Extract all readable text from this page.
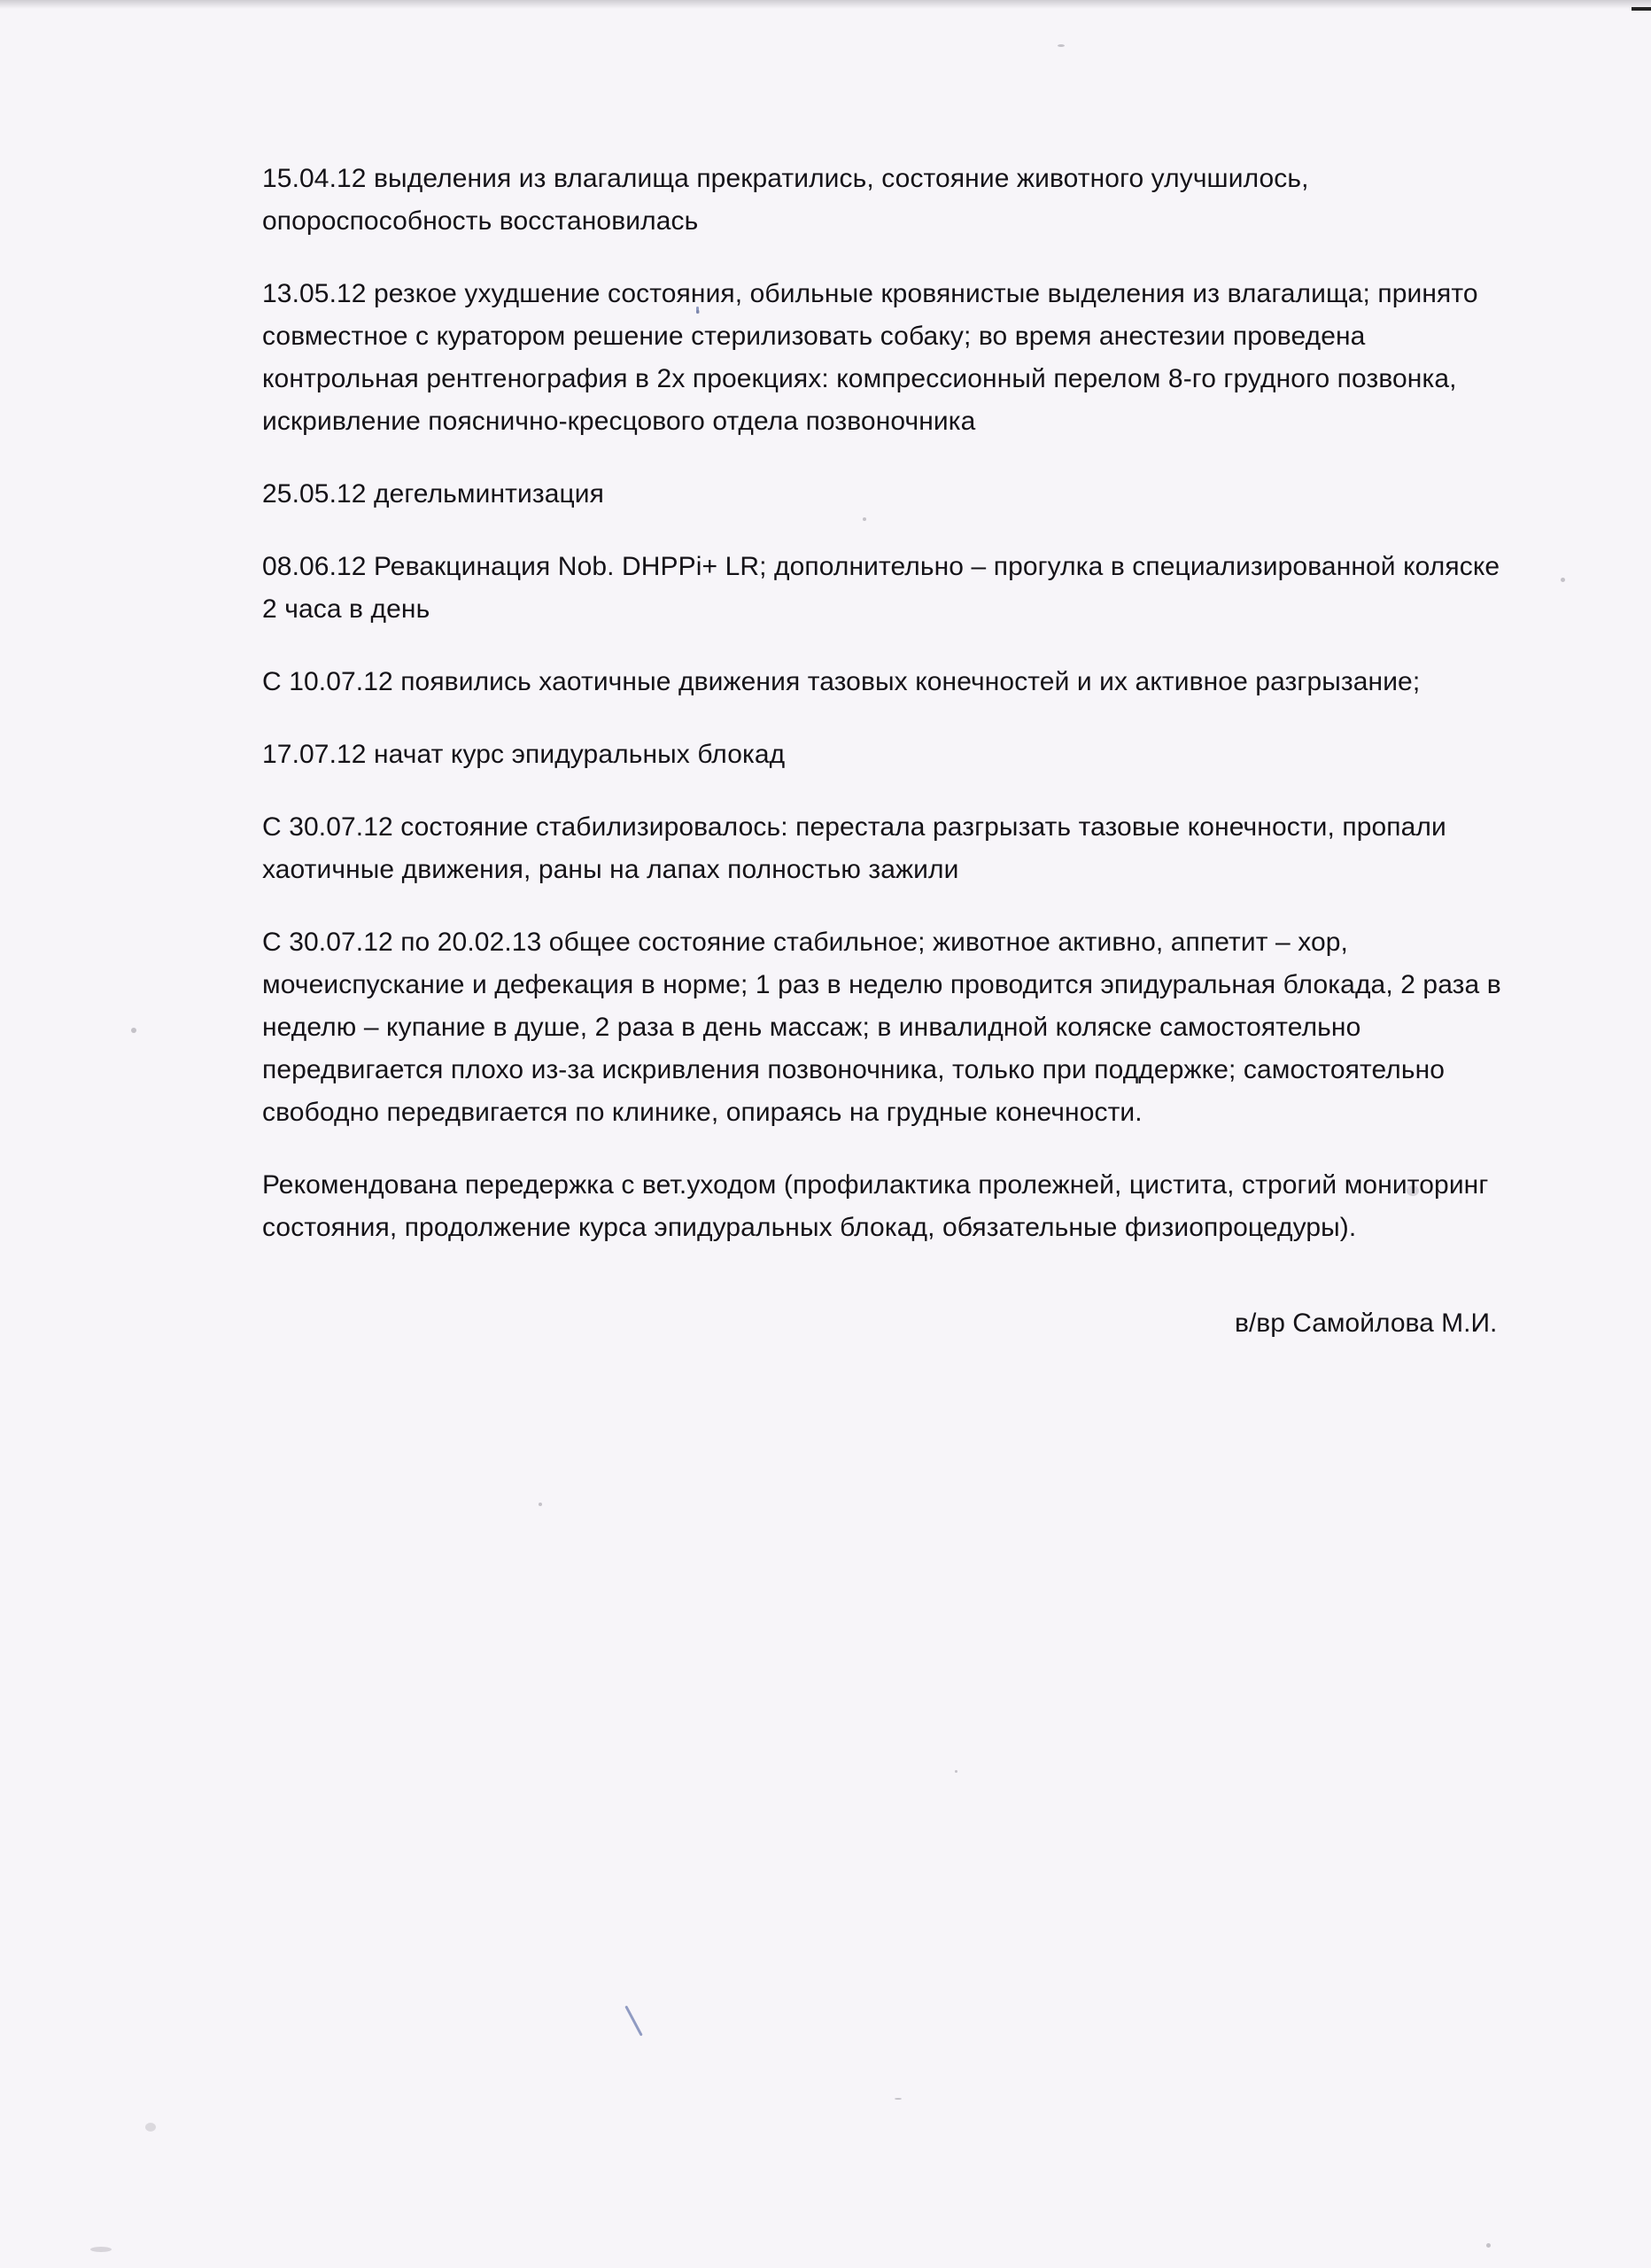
15.04.12 выделения из влагалища прекратились, состояние животного улучшилось,
опороспособность восстановилась

13.05.12 резкое ухудшение состояния, обильные кровянистые выделения из влагалища; принято
совместное с куратором решение стерилизовать собаку; во время анестезии проведена
контрольная рентгенография в 2х проекциях: компрессионный перелом 8-го грудного позвонка,
искривление пояснично-кресцового отдела позвоночника

25.05.12 дегельминтизация

08.06.12 Ревакцинация Nob. DHPPi+ LR; дополнительно – прогулка в специализированной коляске
2 часа в день

С 10.07.12 появились хаотичные движения тазовых конечностей и их активное разгрызание;

17.07.12 начат курс эпидуральных блокад

С 30.07.12 состояние стабилизировалось: перестала разгрызать тазовые конечности, пропали
хаотичные движения, раны на лапах полностью зажили

С 30.07.12 по 20.02.13 общее состояние стабильное; животное активно, аппетит – хор,
мочеиспускание и дефекация в норме; 1 раз в неделю проводится эпидуральная блокада, 2 раза в
неделю – купание в душе, 2 раза в день массаж; в инвалидной коляске самостоятельно
передвигается плохо из-за искривления позвоночника, только при поддержке; самостоятельно
свободно передвигается по клинике, опираясь на грудные конечности.

Рекомендована передержка с вет.уходом (профилактика пролежней, цистита, строгий мониторинг
состояния, продолжение курса эпидуральных блокад, обязательные физиопроцедуры).

в/вр Самойлова М.И.
